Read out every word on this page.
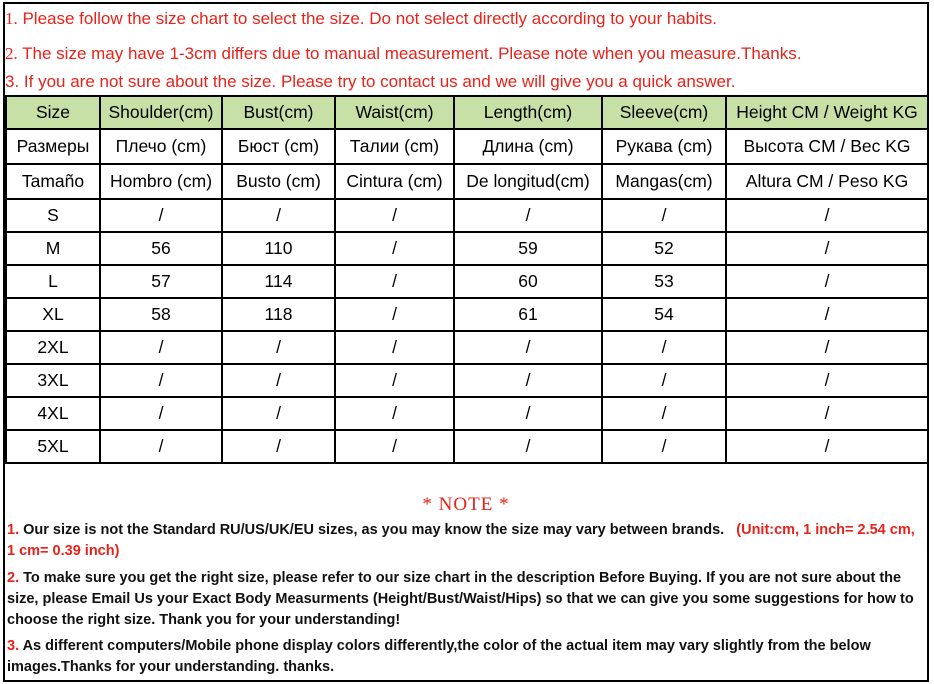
1. Please follow the size chart to select the size. Do not select directly according to your habits.
2. The size may have 1-3cm differs due to manual measurement. Please note when you measure.Thanks.
3. If you are not sure about the size. Please try to contact us and we will give you a quick answer.
Size	Shoulder(cm)	Bust(cm)	Waist(cm)	Length(cm)	Sleeve(cm)	Height CM / Weight KG
Размеры	Плечо (cm)	Бюст (cm)	Талии (cm)	Длина (cm)	Рукава (cm)	Высота CM / Вес KG
Tamaño	Hombro (cm)	Busto (cm)	Cintura (cm)	De longitud(cm)	Mangas(cm)	Altura CM / Peso KG
S	/	/	/	/	/	/
M	56	110	/	59	52	/
L	57	114	/	60	53	/
XL	58	118	/	61	54	/
2XL	/	/	/	/	/	/
3XL	/	/	/	/	/	/
4XL	/	/	/	/	/	/
5XL	/	/	/	/	/	/
* NOTE *
1. Our size is not the Standard RU/US/UK/EU sizes, as you may know the size may vary between brands. (Unit:cm, 1 inch= 2.54 cm, 1 cm= 0.39 inch)
2. To make sure you get the right size, please refer to our size chart in the description Before Buying. If you are not sure about the size, please Email Us your Exact Body Measurments (Height/Bust/Waist/Hips) so that we can give you some suggestions for how to choose the right size. Thank you for your understanding!
3. As different computers/Mobile phone display colors differently,the color of the actual item may vary slightly from the below images.Thanks for your understanding. thanks.
